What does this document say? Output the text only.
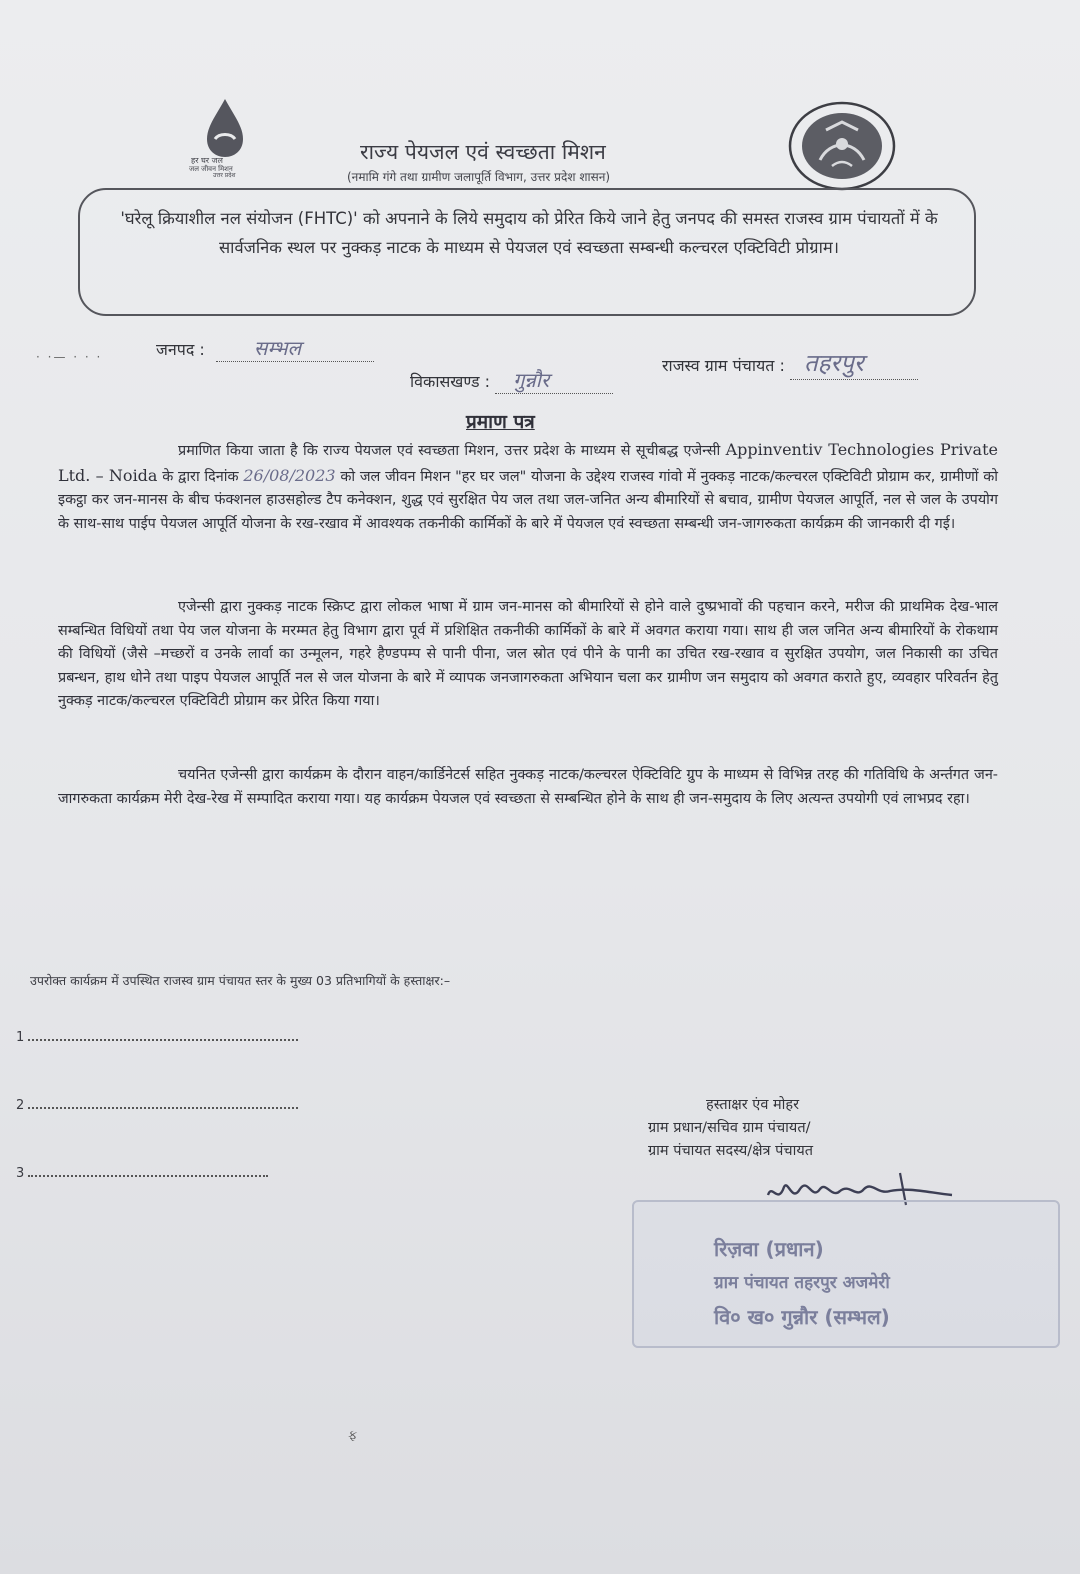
हर घर जल
जल जीवन मिशन
उत्तर प्रदेश
राज्य पेयजल एवं स्वच्छता मिशन
(नमामि गंगे तथा ग्रामीण जलापूर्ति विभाग, उत्तर प्रदेश शासन)
'घरेलू क्रियाशील नल संयोजन (FHTC)' को अपनाने के लिये समुदाय को प्रेरित किये जाने हेतु जनपद की समस्त राजस्व ग्राम पंचायतों में के सार्वजनिक स्थल पर नुक्कड़ नाटक के माध्यम से पेयजल एवं स्वच्छता सम्बन्धी कल्चरल एक्टिविटी प्रोग्राम।
· ·— · · ·	जनपद : सम्भल
विकासखण्ड : गुन्नौर
राजस्व ग्राम पंचायत : तहरपुर
प्रमाण पत्र
प्रमाणित किया जाता है कि राज्य पेयजल एवं स्वच्छता मिशन, उत्तर प्रदेश के माध्यम से सूचीबद्ध एजेन्सी Appinventiv Technologies Private Ltd. – Noida के द्वारा दिनांक 26/08/2023 को जल जीवन मिशन "हर घर जल" योजना के उद्देश्य राजस्व गांवो में नुक्कड़ नाटक/कल्चरल एक्टिविटी प्रोग्राम कर, ग्रामीणों को इकट्ठा कर जन-मानस के बीच फंक्शनल हाउसहोल्ड टैप कनेक्शन, शुद्ध एवं सुरक्षित पेय जल तथा जल-जनित अन्य बीमारियों से बचाव, ग्रामीण पेयजल आपूर्ति, नल से जल के उपयोग के साथ-साथ पाईप पेयजल आपूर्ति योजना के रख-रखाव में आवश्यक तकनीकी कार्मिकों के बारे में पेयजल एवं स्वच्छता सम्बन्धी जन-जागरुकता कार्यक्रम की जानकारी दी गई।
एजेन्सी द्वारा नुक्कड़ नाटक स्क्रिप्ट द्वारा लोकल भाषा में ग्राम जन-मानस को बीमारियों से होने वाले दुष्प्रभावों की पहचान करने, मरीज की प्राथमिक देख-भाल सम्बन्धित विधियों तथा पेय जल योजना के मरम्मत हेतु विभाग द्वारा पूर्व में प्रशिक्षित तकनीकी कार्मिकों के बारे में अवगत कराया गया। साथ ही जल जनित अन्य बीमारियों के रोकथाम की विधियों (जैसे –मच्छरों व उनके लार्वा का उन्मूलन, गहरे हैण्डपम्प से पानी पीना, जल स्रोत एवं पीने के पानी का उचित रख-रखाव व सुरक्षित उपयोग, जल निकासी का उचित प्रबन्धन, हाथ धोने तथा पाइप पेयजल आपूर्ति नल से जल योजना के बारे में व्यापक जनजागरुकता अभियान चला कर ग्रामीण जन समुदाय को अवगत कराते हुए, व्यवहार परिवर्तन हेतु नुक्कड़ नाटक/कल्चरल एक्टिविटी प्रोग्राम कर प्रेरित किया गया।
चयनित एजेन्सी द्वारा कार्यक्रम के दौरान वाहन/कार्डिनेटर्स सहित नुक्कड़ नाटक/कल्चरल ऐक्टिविटि ग्रुप के माध्यम से विभिन्न तरह की गतिविधि के अर्न्तगत जन-जागरुकता कार्यक्रम मेरी देख-रेख में सम्पादित कराया गया। यह कार्यक्रम पेयजल एवं स्वच्छता से सम्बन्धित होने के साथ ही जन-समुदाय के लिए अत्यन्त उपयोगी एवं लाभप्रद रहा।
उपरोक्त कार्यक्रम में उपस्थित राजस्व ग्राम पंचायत स्तर के मुख्य 03 प्रतिभागियों के हस्ताक्षर:–
1
2
3
हस्ताक्षर एंव मोहर
ग्राम प्रधान/सचिव ग्राम पंचायत/
ग्राम पंचायत सदस्य/क्षेत्र पंचायत
रिज़वा (प्रधान)
ग्राम पंचायत तहरपुर अजमेरी
वि० ख० गुन्नौर (सम्भल)
ફ
